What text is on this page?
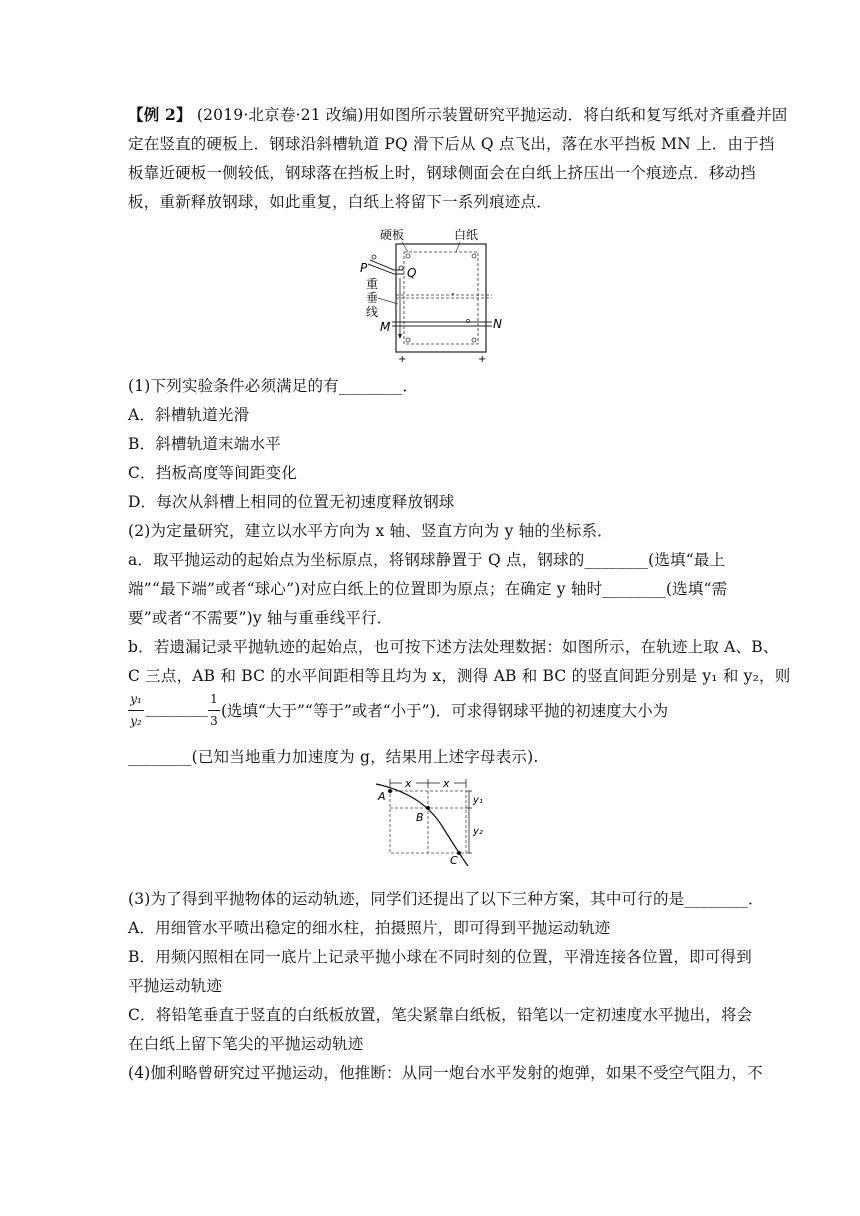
【例 2】 (2019·北京卷·21 改编)用如图所示装置研究平抛运动．将白纸和复写纸对齐重叠并固
定在竖直的硬板上．钢球沿斜槽轨道 PQ 滑下后从 Q 点飞出，落在水平挡板 MN 上．由于挡
板靠近硬板一侧较低，钢球落在挡板上时，钢球侧面会在白纸上挤压出一个痕迹点．移动挡
板，重新释放钢球，如此重复，白纸上将留下一系列痕迹点．
硬板	白纸
P	Q
重
垂
线
M	N
+	+
(1)下列实验条件必须满足的有________．
A．斜槽轨道光滑
B．斜槽轨道末端水平
C．挡板高度等间距变化
D．每次从斜槽上相同的位置无初速度释放钢球
(2)为定量研究，建立以水平方向为 x 轴、竖直方向为 y 轴的坐标系．
a．取平抛运动的起始点为坐标原点，将钢球静置于 Q 点，钢球的________(选填“最上
端”“最下端”或者“球心”)对应白纸上的位置即为原点；在确定 y 轴时________(选填“需
要”或者“不需要”)y 轴与重垂线平行．
b．若遗漏记录平抛轨迹的起始点，也可按下述方法处理数据：如图所示，在轨迹上取 A、B、
C 三点，AB 和 BC 的水平间距相等且均为 x，测得 AB 和 BC 的竖直间距分别是 y₁ 和 y₂，则
y₁
y₂
________ 1
3
(选填“大于”“等于”或者“小于”)．可求得钢球平抛的初速度大小为
________(已知当地重力加速度为 g，结果用上述字母表示).
x	x
y₁
y₂
A
B
C
(3)为了得到平抛物体的运动轨迹，同学们还提出了以下三种方案，其中可行的是________．
A．用细管水平喷出稳定的细水柱，拍摄照片，即可得到平抛运动轨迹
B．用频闪照相在同一底片上记录平抛小球在不同时刻的位置，平滑连接各位置，即可得到
平抛运动轨迹
C．将铅笔垂直于竖直的白纸板放置，笔尖紧靠白纸板，铅笔以一定初速度水平抛出，将会
在白纸上留下笔尖的平抛运动轨迹
(4)伽利略曾研究过平抛运动，他推断：从同一炮台水平发射的炮弹，如果不受空气阻力，不
